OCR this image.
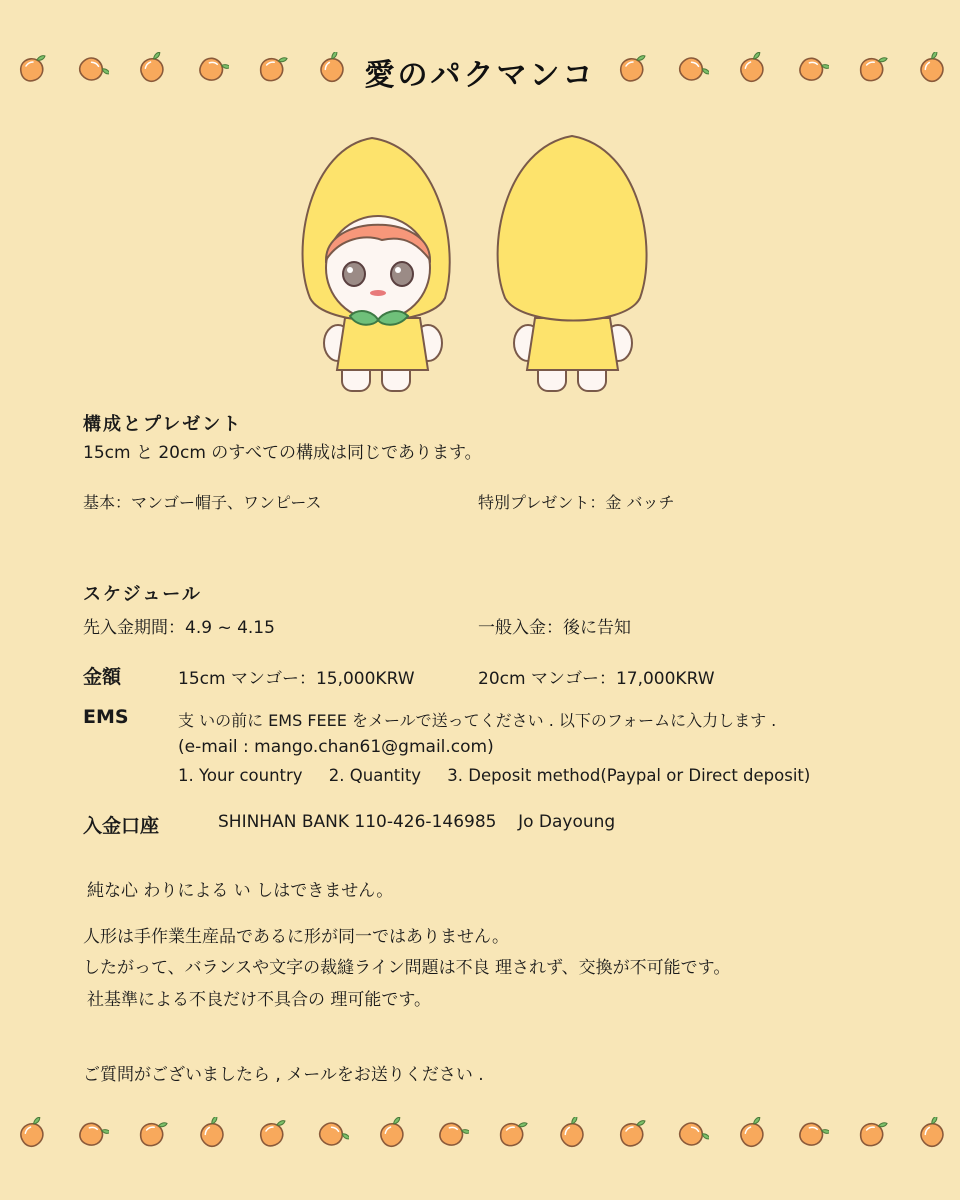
愛のパクマンコ
構成とプレゼント
15cm と 20cm のすべての構成は同じであります。
基本：マンゴー帽子、ワンピース	特別プレゼント：金 バッチ
スケジュール
先入金期間：4.9 ~ 4.15	一般入金：後に告知
金額	15cm マンゴー：15,000KRW	20cm マンゴー：17,000KRW
EMS	支 いの前に EMS FEEE をメールで送ってください . 以下のフォームに入力します .
(e-mail : mango.chan61@gmail.com)
1. Your country     2. Quantity     3. Deposit method(Paypal or Direct deposit)
入金口座	SHINHAN BANK 110-426-146985    Jo Dayoung
純な心 わりによる い しはできません。
人形は手作業生産品であるに形が同一ではありません。
したがって、バランスや文字の裁縫ライン問題は不良 理されず、交換が不可能です。
社基準による不良だけ不具合の 理可能です。
ご質問がございましたら , メールをお送りください .
